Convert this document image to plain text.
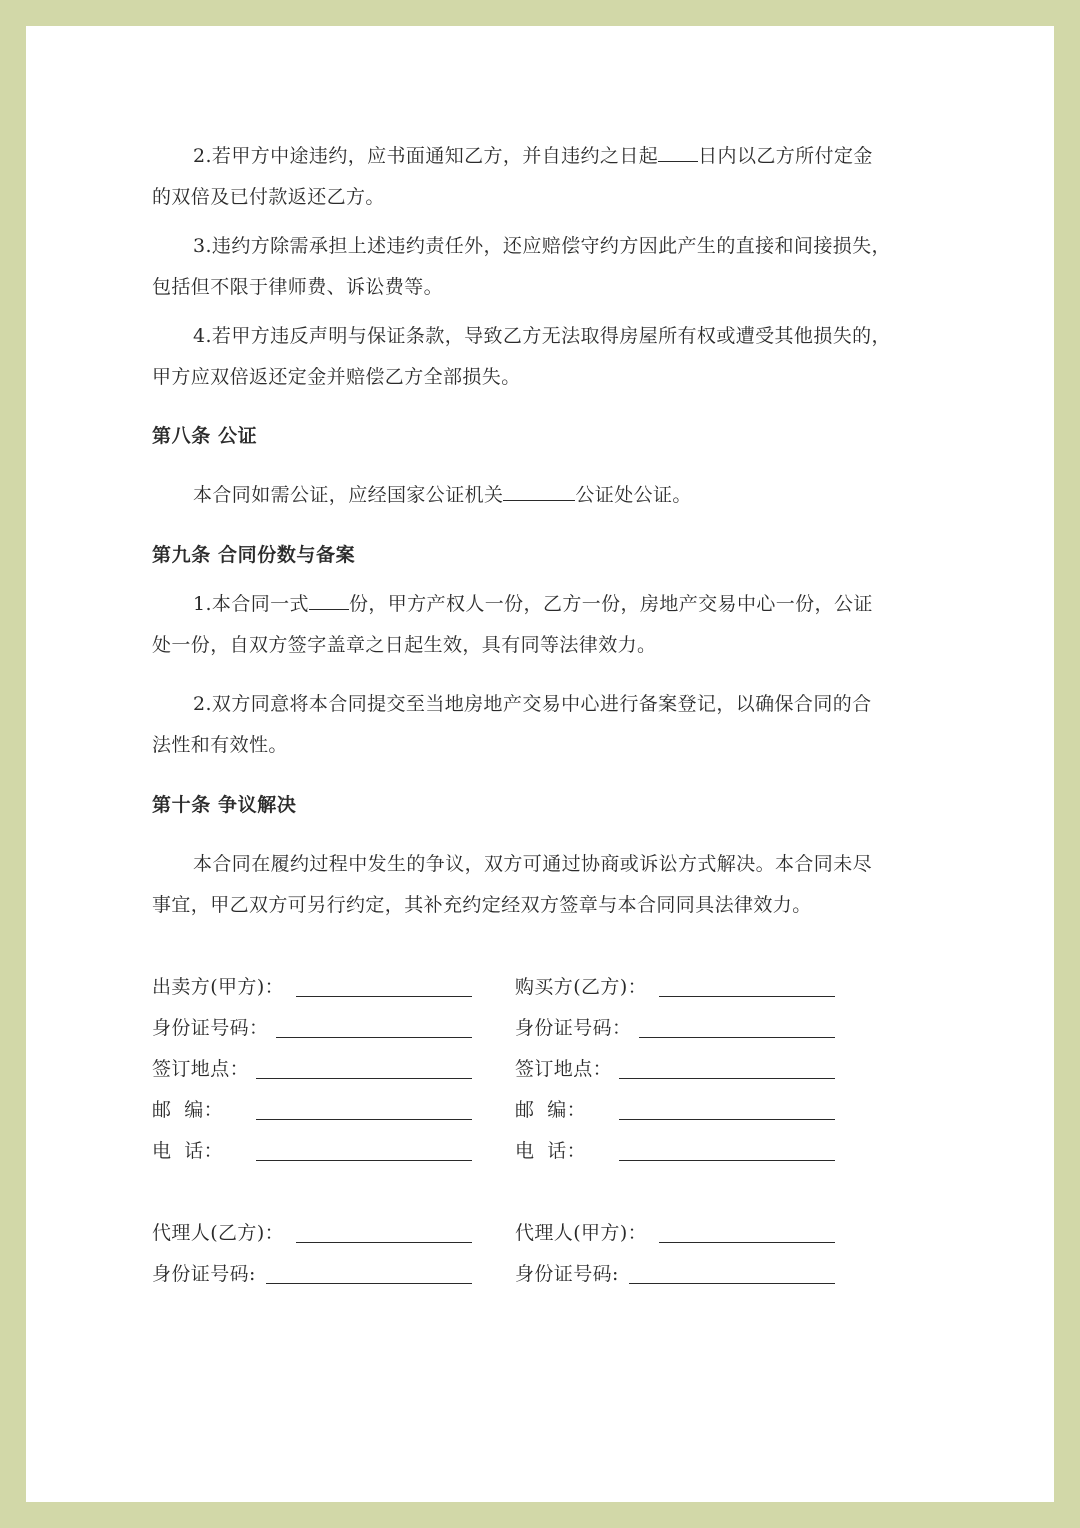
2.若甲方中途违约，应书面通知乙方，并自违约之日起 日内以乙方所付定金
的双倍及已付款返还乙方。
3.违约方除需承担上述违约责任外，还应赔偿守约方因此产生的直接和间接损失，
包括但不限于律师费、诉讼费等。
4.若甲方违反声明与保证条款，导致乙方无法取得房屋所有权或遭受其他损失的，
甲方应双倍返还定金并赔偿乙方全部损失。
第八条 公证
本合同如需公证，应经国家公证机关	公证处公证。
第九条 合同份数与备案
1.本合同一式 份，甲方产权人一份，乙方一份，房地产交易中心一份，公证
处一份，自双方签字盖章之日起生效，具有同等法律效力。
2.双方同意将本合同提交至当地房地产交易中心进行备案登记，以确保合同的合
法性和有效性。
第十条 争议解决
本合同在履约过程中发生的争议，双方可通过协商或诉讼方式解决。本合同未尽
事宜，甲乙双方可另行约定，其补充约定经双方签章与本合同同具法律效力。
出卖方(甲方)：
身份证号码：
签订地点：
邮  编：
电  话：
代理人(乙方)：
身份证号码:
购买方(乙方)：
身份证号码：
签订地点：
邮  编：
电  话：
代理人(甲方)：
身份证号码:
